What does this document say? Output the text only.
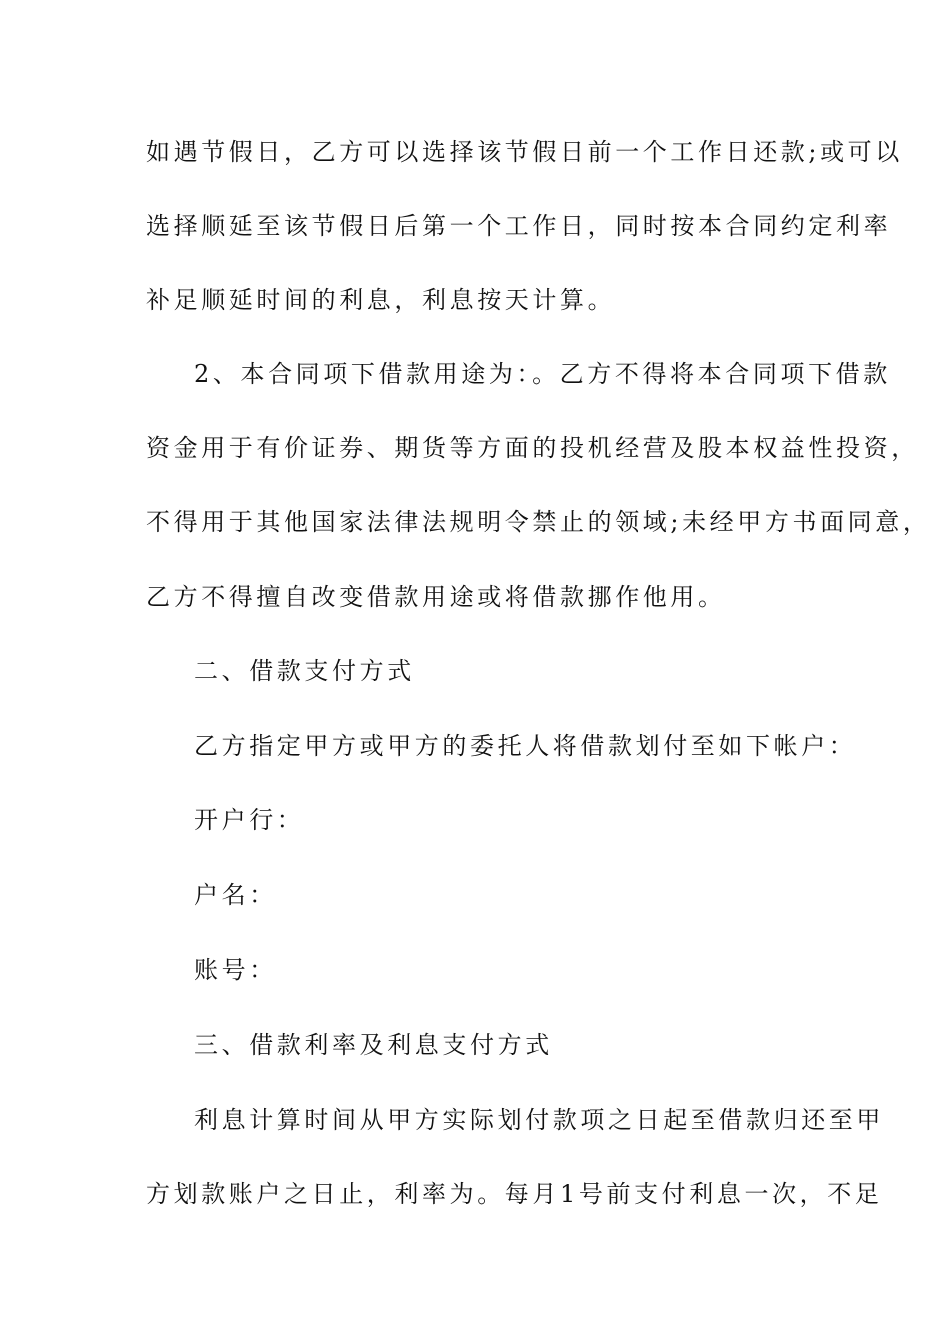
如遇节假日，乙方可以选择该节假日前一个工作日还款;或可以
选择顺延至该节假日后第一个工作日，同时按本合同约定利率
补足顺延时间的利息，利息按天计算。
2、本合同项下借款用途为：。乙方不得将本合同项下借款
资金用于有价证券、期货等方面的投机经营及股本权益性投资，
不得用于其他国家法律法规明令禁止的领域;未经甲方书面同意，
乙方不得擅自改变借款用途或将借款挪作他用。
二、借款支付方式
乙方指定甲方或甲方的委托人将借款划付至如下帐户：
开户行：
户名：
账号：
三、借款利率及利息支付方式
利息计算时间从甲方实际划付款项之日起至借款归还至甲
方划款账户之日止，利率为。每月1号前支付利息一次，不足
